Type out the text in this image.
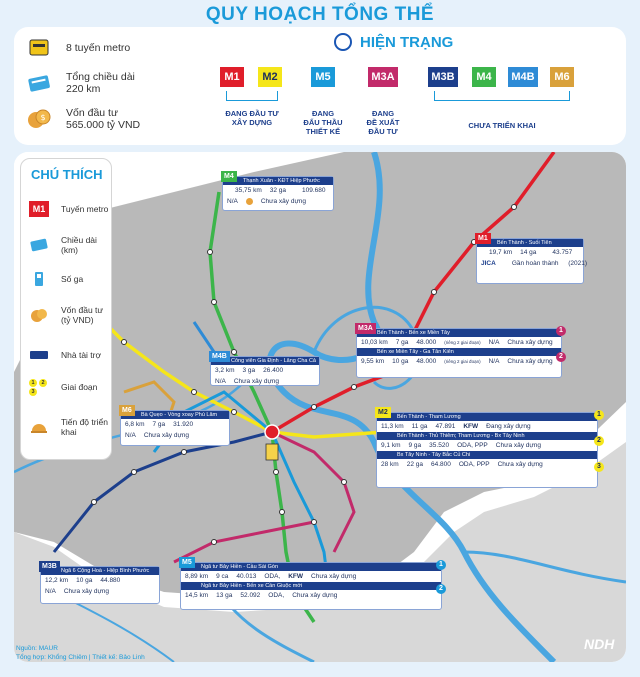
QUY HOẠCH TỔNG THỂ
8 tuyến metro
Tổng chiều dài
220 km
$ Vốn đầu tư
565.000 tỷ VND
HIỆN TRẠNG
M1 M2	M5	M3A	M3B M4 M4B M6
ĐANG ĐẦU TƯ
XÂY DỰNG
ĐANG
ĐẤU THẦU
THIẾT KẾ
ĐANG
ĐỀ XUẤT
ĐẦU TƯ
CHƯA TRIỂN KHAI
CHÚ THÍCH
M1	Tuyến metro
Chiều dài (km)
Số ga
Vốn đầu tư (tỷ VND)
Nhà tài trợ
1	2
3	Giai đoạn
Tiến độ triển khai
M4
Thạnh Xuân - KĐT Hiệp Phước
35,75 km 32 ga 109.680
N/A	Chưa xây dựng
M1
Bến Thành - Suối Tiên
19,7 km 14 ga 43.757
JICA Gần hoàn thành (2021)
M3A
Bến Thành - Bến xe Miền Tây
10,03 km 7 ga 48.000 (riêng 2 giai đoạn) N/A Chưa xây dựng
Bến xe Miền Tây - Ga Tân Kiên
9,55 km 10 ga 48.000 (riêng 2 giai đoạn) N/A Chưa xây dựng
1
2
M4B
Công viên Gia Định - Lăng Cha Cả
3,2 km 3 ga 26.400
N/A Chưa xây dựng
M6
Bà Quẹo - Vòng xoay Phú Lâm
6,8 km 7 ga 31.920
N/A Chưa xây dựng
M2
Bến Thành - Tham Lương
11,3 km 11 ga 47.891 KFW Đang xây dựng
Bến Thành - Thủ Thiêm; Tham Lương - Bx Tây Ninh
9,1 km 9 ga 35.520 ODA, PPP Chưa xây dựng
Bx Tây Ninh - Tây Bắc Củ Chi
28 km 22 ga 64.800 ODA, PPP Chưa xây dựng
1
2
3
M3B
Ngã 6 Cộng Hoà - Hiệp Bình Phước
12,2 km 10 ga 44.880
N/A Chưa xây dựng
M5
Ngã tư Bảy Hiền - Cầu Sài Gòn
8,89 km 9 ca 40.013 ODA, KFW Chưa xây dựng
Ngã tư Bảy Hiền - Bến xe Cần Giuộc mới
14,5 km 13 ga 52.092 ODA, Chưa xây dựng
1
2
Nguồn: MAUR
Tổng hợp: Khổng Chiêm | Thiết kế: Bảo Linh
NDH
